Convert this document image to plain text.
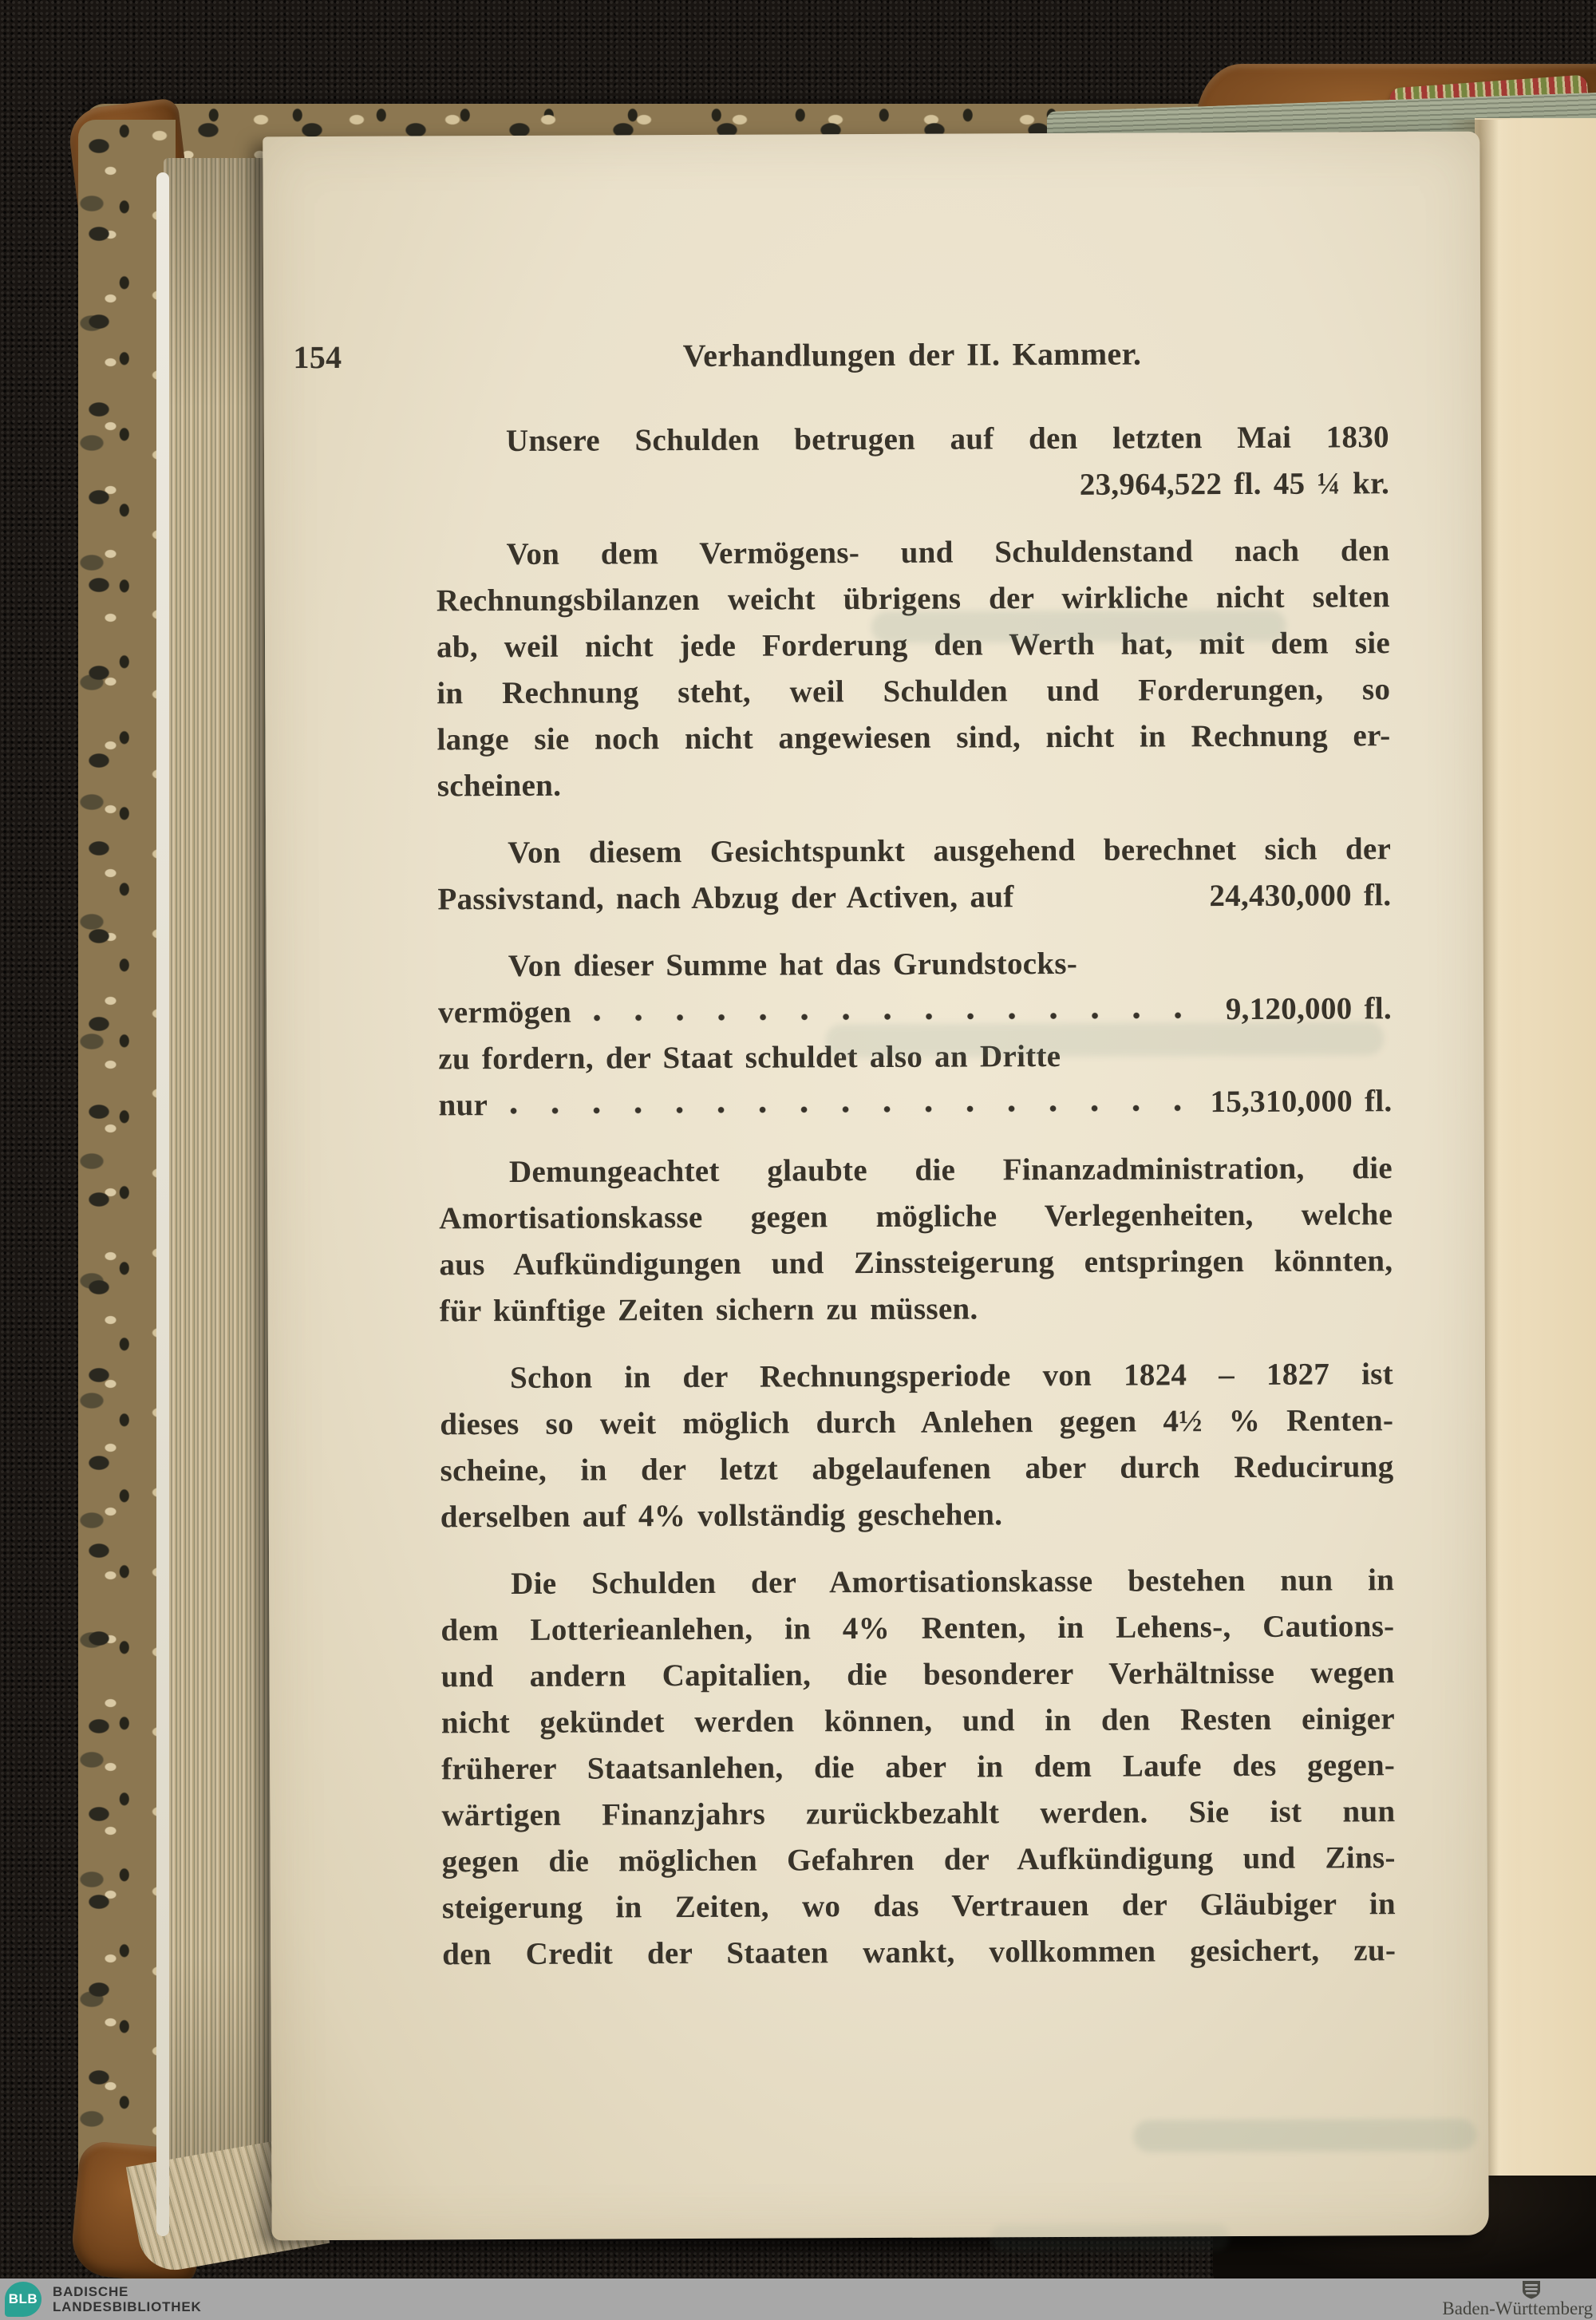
154	Verhandlungen der II. Kammer.
Unsere Schulden betrugen auf den letzten Mai 1830
23,964,522 fl. 45 ¼ kr.
Von dem Vermögens- und Schuldenstand nach den
Rechnungsbilanzen weicht übrigens der wirkliche nicht selten
ab, weil nicht jede Forderung den Werth hat, mit dem sie
in Rechnung steht, weil Schulden und Forderungen, so
lange sie noch nicht angewiesen sind, nicht in Rechnung er-
scheinen.
Von diesem Gesichtspunkt ausgehend berechnet sich der
Passivstand, nach Abzug der Activen, auf	24,430,000 fl.
Von dieser Summe hat das Grundstocks-
vermögen	9,120,000 fl.
zu fordern, der Staat schuldet also an Dritte
nur	15,310,000 fl.
Demungeachtet glaubte die Finanzadministration, die
Amortisationskasse gegen mögliche Verlegenheiten, welche
aus Aufkündigungen und Zinssteigerung entspringen könnten,
für künftige Zeiten sichern zu müssen.
Schon in der Rechnungsperiode von 1824 – 1827 ist
dieses so weit möglich durch Anlehen gegen 4½ % Renten-
scheine, in der letzt abgelaufenen aber durch Reducirung
derselben auf 4% vollständig geschehen.
Die Schulden der Amortisationskasse bestehen nun in
dem Lotterieanlehen, in 4% Renten, in Lehens-, Cautions-
und andern Capitalien, die besonderer Verhältnisse wegen
nicht gekündet werden können, und in den Resten einiger
früherer Staatsanlehen, die aber in dem Laufe des gegen-
wärtigen Finanzjahrs zurückbezahlt werden. Sie ist nun
gegen die möglichen Gefahren der Aufkündigung und Zins-
steigerung in Zeiten, wo das Vertrauen der Gläubiger in
den Credit der Staaten wankt, vollkommen gesichert, zu-
BLB BADISCHE
LANDESBIBLIOTHEK	Baden-Württemberg
